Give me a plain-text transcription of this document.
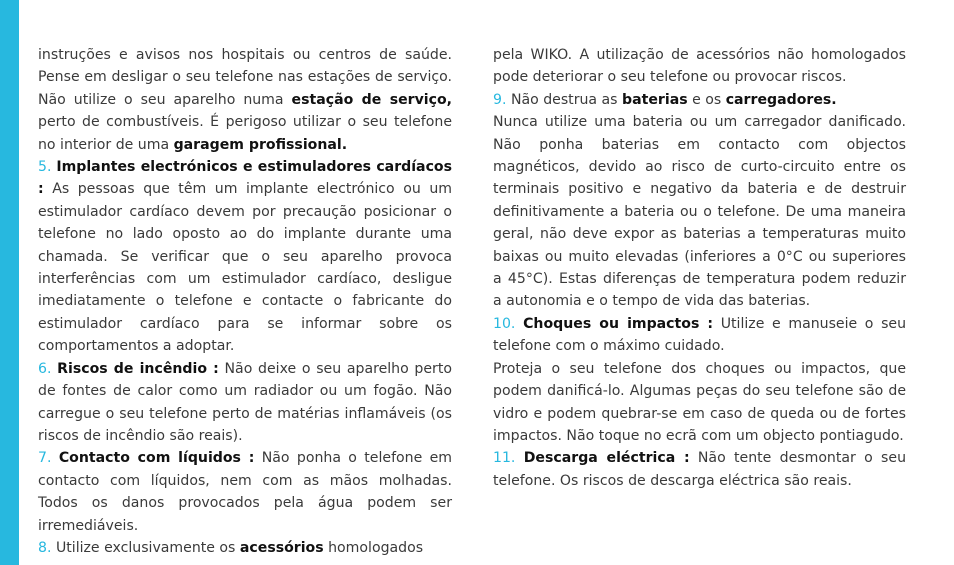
instruções e avisos nos hospitais ou centros de saúde. Pense em desligar o seu telefone nas estações de serviço. Não utilize o seu aparelho numa estação de serviço, perto de combustíveis. É perigoso utilizar o seu telefone no interior de uma garagem profissional.

5. Implantes electrónicos e estimuladores cardíacos : As pessoas que têm um implante electrónico ou um estimulador cardíaco devem por precaução posicionar o telefone no lado oposto ao do implante durante uma chamada. Se verificar que o seu aparelho provoca interferências com um estimulador cardíaco, desligue imediatamente o telefone e contacte o fabricante do estimulador cardíaco para se informar sobre os comportamentos a adoptar.

6. Riscos de incêndio : Não deixe o seu aparelho perto de fontes de calor como um radiador ou um fogão. Não carregue o seu telefone perto de matérias inflamáveis (os riscos de incêndio são reais).

7. Contacto com líquidos : Não ponha o telefone em contacto com líquidos, nem com as mãos molhadas. Todos os danos provocados pela água podem ser irremediáveis.

8. Utilize exclusivamente os acessórios homologados

pela WIKO. A utilização de acessórios não homologados pode deteriorar o seu telefone ou provocar riscos.

9. Não destrua as baterias e os carregadores.

Nunca utilize uma bateria ou um carregador danificado. Não ponha baterias em contacto com objectos magnéticos, devido ao risco de curto-circuito entre os terminais positivo e negativo da bateria e de destruir definitivamente a bateria ou o telefone. De uma maneira geral, não deve expor as baterias a temperaturas muito baixas ou muito elevadas (inferiores a 0°C ou superiores a 45°C). Estas diferenças de temperatura podem reduzir a autonomia e o tempo de vida das baterias.

10. Choques ou impactos : Utilize e manuseie o seu telefone com o máximo cuidado.

Proteja o seu telefone dos choques ou impactos, que podem danificá-lo. Algumas peças do seu telefone são de vidro e podem quebrar-se em caso de queda ou de fortes impactos. Não toque no ecrã com um objecto pontiagudo.

11. Descarga eléctrica : Não tente desmontar o seu telefone. Os riscos de descarga eléctrica são reais.
